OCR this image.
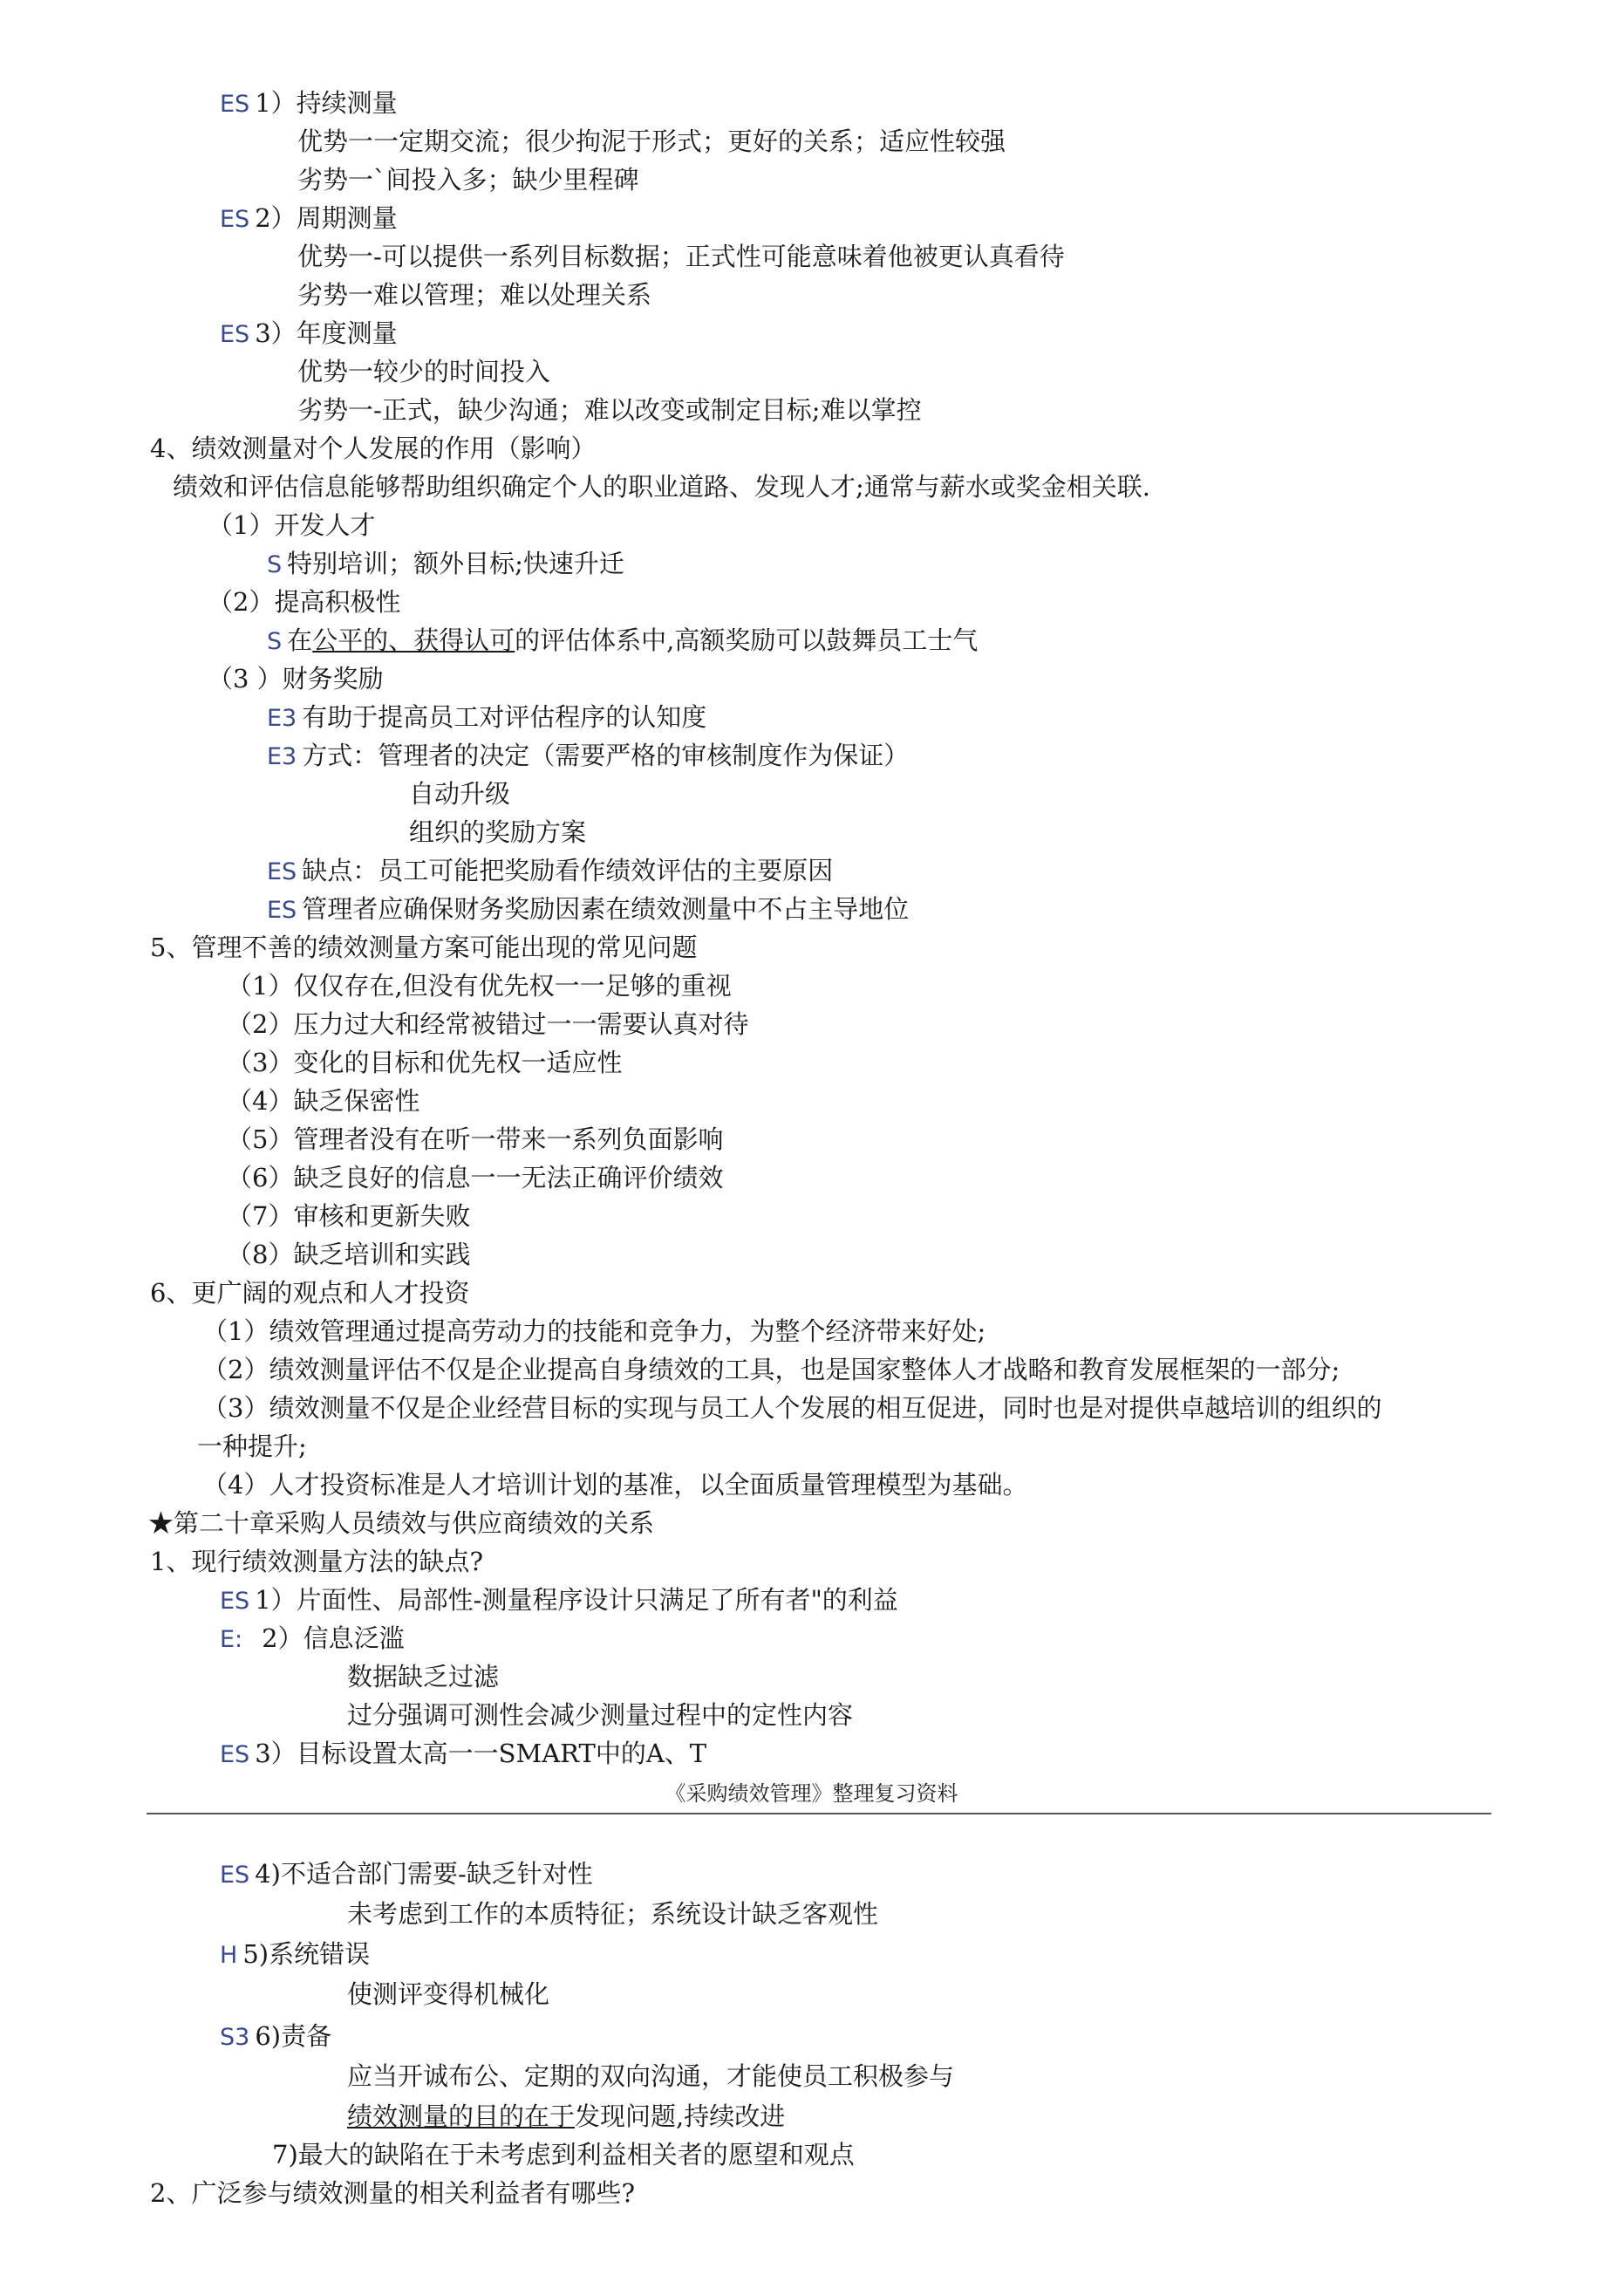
ES 1）持续测量
优势一一定期交流；很少拘泥于形式；更好的关系；适应性较强
劣势一`间投入多；缺少里程碑
ES 2）周期测量
优势一-可以提供一系列目标数据；正式性可能意味着他被更认真看待
劣势一难以管理；难以处理关系
ES 3）年度测量
优势一较少的时间投入
劣势一-正式，缺少沟通；难以改变或制定目标;难以掌控
4、绩效测量对个人发展的作用（影响）
绩效和评估信息能够帮助组织确定个人的职业道路、发现人才;通常与薪水或奖金相关联.
（1）开发人才
S 特别培训；额外目标;快速升迁
（2）提高积极性
S 在公平的、获得认可的评估体系中,高额奖励可以鼓舞员工士气
（3 ）财务奖励
E3 有助于提高员工对评估程序的认知度
E3 方式：管理者的决定（需要严格的审核制度作为保证）
自动升级
组织的奖励方案
ES 缺点：员工可能把奖励看作绩效评估的主要原因
ES 管理者应确保财务奖励因素在绩效测量中不占主导地位
5、管理不善的绩效测量方案可能出现的常见问题
（1）仅仅存在,但没有优先权一一足够的重视
（2）压力过大和经常被错过一一需要认真对待
（3）变化的目标和优先权一适应性
（4）缺乏保密性
（5）管理者没有在听一带来一系列负面影响
（6）缺乏良好的信息一一无法正确评价绩效
（7）审核和更新失败
（8）缺乏培训和实践
6、更广阔的观点和人才投资
（1）绩效管理通过提高劳动力的技能和竞争力，为整个经济带来好处;
（2）绩效测量评估不仅是企业提高自身绩效的工具，也是国家整体人才战略和教育发展框架的一部分;
（3）绩效测量不仅是企业经营目标的实现与员工人个发展的相互促进，同时也是对提供卓越培训的组织的
一种提升;
（4）人才投资标准是人才培训计划的基准，以全面质量管理模型为基础。
★第二十章采购人员绩效与供应商绩效的关系
1、现行绩效测量方法的缺点?
ES 1）片面性、局部性-测量程序设计只满足了所有者"的利益
E: 2）信息泛滥
数据缺乏过滤
过分强调可测性会减少测量过程中的定性内容
ES 3）目标设置太高一一SMART中的A、T
《采购绩效管理》整理复习资料
ES 4)不适合部门需要-缺乏针对性
未考虑到工作的本质特征；系统设计缺乏客观性
H 5)系统错误
使测评变得机械化
S3 6)责备
应当开诚布公、定期的双向沟通，才能使员工积极参与
绩效测量的目的在于发现问题,持续改进
7)最大的缺陷在于未考虑到利益相关者的愿望和观点
2、广泛参与绩效测量的相关利益者有哪些?
